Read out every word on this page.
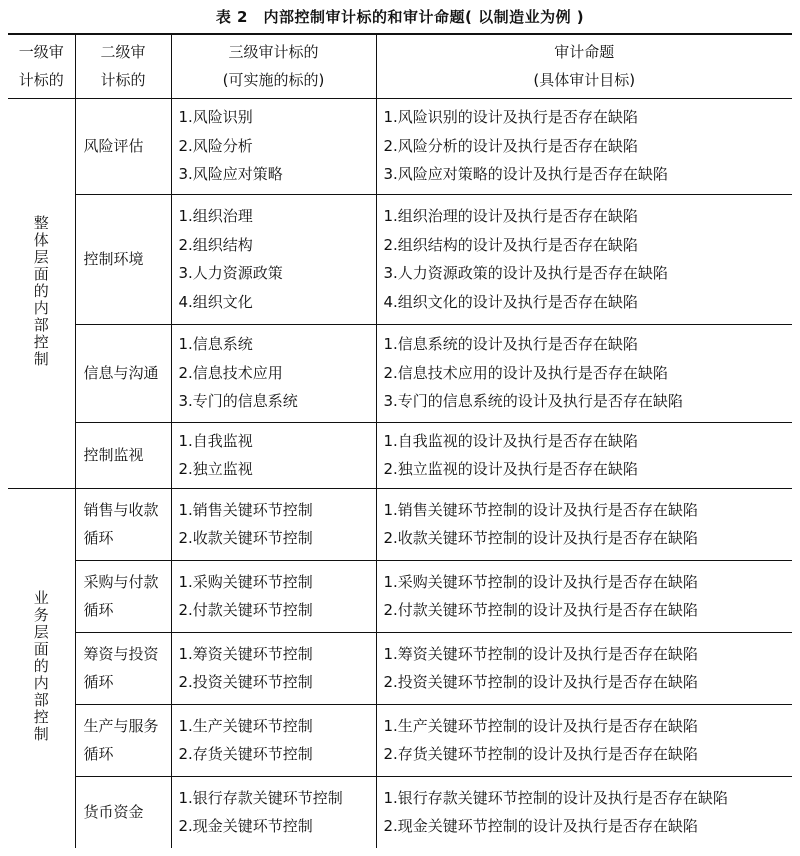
表 2　内部控制审计标的和审计命题( 以制造业为例 )
一级审
计标的	二级审
计标的	三级审计标的
(可实施的标的)	审计命题
(具体审计目标)

整体层面的内部控制	风险评估	1.风险识别
2.风险分析
3.风险应对策略	1.风险识别的设计及执行是否存在缺陷
2.风险分析的设计及执行是否存在缺陷
3.风险应对策略的设计及执行是否存在缺陷

	控制环境	1.组织治理
2.组织结构
3.人力资源政策
4.组织文化	1.组织治理的设计及执行是否存在缺陷
2.组织结构的设计及执行是否存在缺陷
3.人力资源政策的设计及执行是否存在缺陷
4.组织文化的设计及执行是否存在缺陷

	信息与沟通	1.信息系统
2.信息技术应用
3.专门的信息系统	1.信息系统的设计及执行是否存在缺陷
2.信息技术应用的设计及执行是否存在缺陷
3.专门的信息系统的设计及执行是否存在缺陷

	控制监视	1.自我监视
2.独立监视	1.自我监视的设计及执行是否存在缺陷
2.独立监视的设计及执行是否存在缺陷

业务层面的内部控制	销售与收款
循环	1.销售关键环节控制
2.收款关键环节控制	1.销售关键环节控制的设计及执行是否存在缺陷
2.收款关键环节控制的设计及执行是否存在缺陷

	采购与付款
循环	1.采购关键环节控制
2.付款关键环节控制	1.采购关键环节控制的设计及执行是否存在缺陷
2.付款关键环节控制的设计及执行是否存在缺陷

	筹资与投资
循环	1.筹资关键环节控制
2.投资关键环节控制	1.筹资关键环节控制的设计及执行是否存在缺陷
2.投资关键环节控制的设计及执行是否存在缺陷

	生产与服务
循环	1.生产关键环节控制
2.存货关键环节控制	1.生产关键环节控制的设计及执行是否存在缺陷
2.存货关键环节控制的设计及执行是否存在缺陷

	货币资金	1.银行存款关键环节控制
2.现金关键环节控制	1.银行存款关键环节控制的设计及执行是否存在缺陷
2.现金关键环节控制的设计及执行是否存在缺陷
